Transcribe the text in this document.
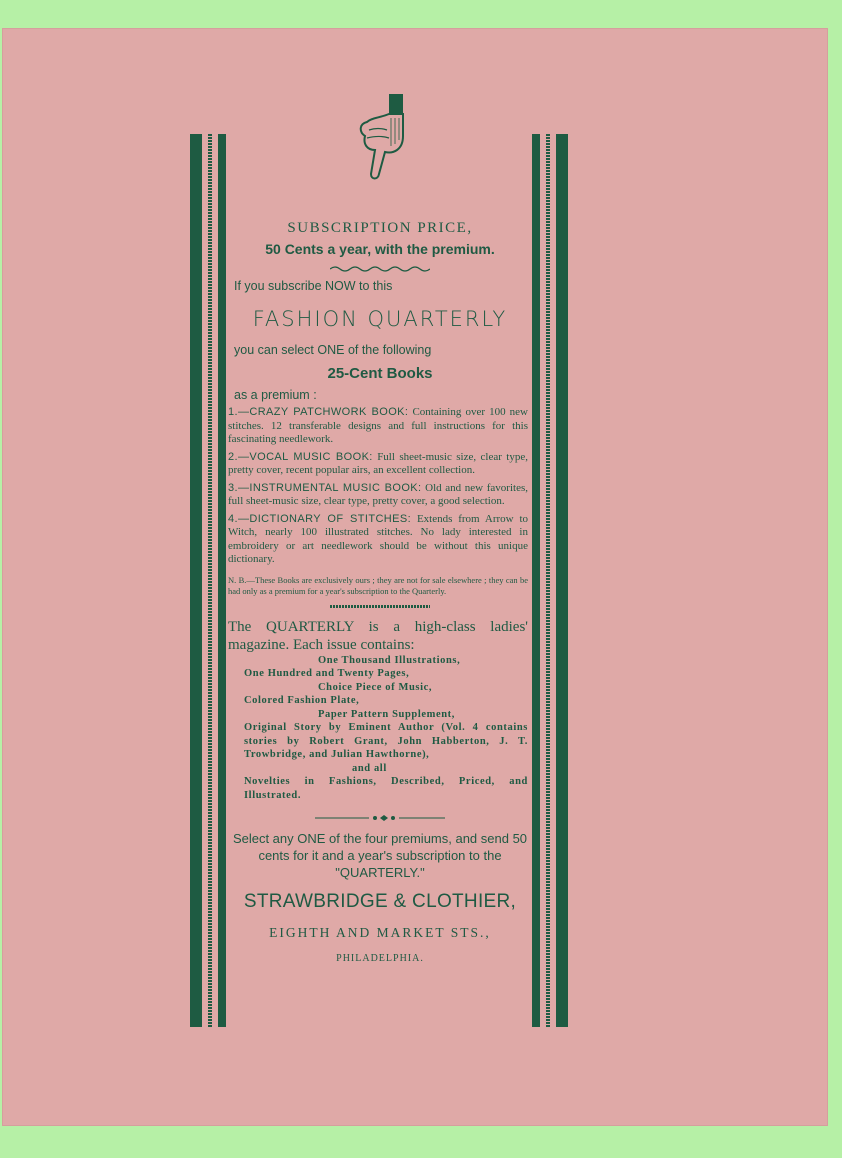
SUBSCRIPTION PRICE,
50 Cents a year, with the premium.
If you subscribe NOW to this
FASHION QUARTERLY
you can select ONE of the following
25-Cent Books
as a premium :
1.—CRAZY PATCHWORK BOOK: Containing over 100 new stitches. 12 transferable designs and full instructions for this fascinating needlework.
2.—VOCAL MUSIC BOOK: Full sheet-music size, clear type, pretty cover, recent popular airs, an excellent collection.
3.—INSTRUMENTAL MUSIC BOOK: Old and new favorites, full sheet-music size, clear type, pretty cover, a good selection.
4.—DICTIONARY OF STITCHES: Extends from Arrow to Witch, nearly 100 illustrated stitches. No lady interested in embroidery or art needlework should be without this unique dictionary.
N. B.—These Books are exclusively ours ; they are not for sale elsewhere ; they can be had only as a premium for a year's subscription to the Quarterly.
The QUARTERLY is a high-class ladies' magazine. Each issue contains:
One Thousand Illustrations,
One Hundred and Twenty Pages,
Choice Piece of Music,
Colored Fashion Plate,
Paper Pattern Supplement,
Original Story by Eminent Author (Vol. 4 contains stories by Robert Grant, John Habberton, J. T. Trowbridge, and Julian Hawthorne),
and all
Novelties in Fashions, Described, Priced, and Illustrated.
Select any ONE of the four premiums, and send 50 cents for it and a year's subscription to the "QUARTERLY."
STRAWBRIDGE & CLOTHIER,
EIGHTH AND MARKET STS.,
PHILADELPHIA.
